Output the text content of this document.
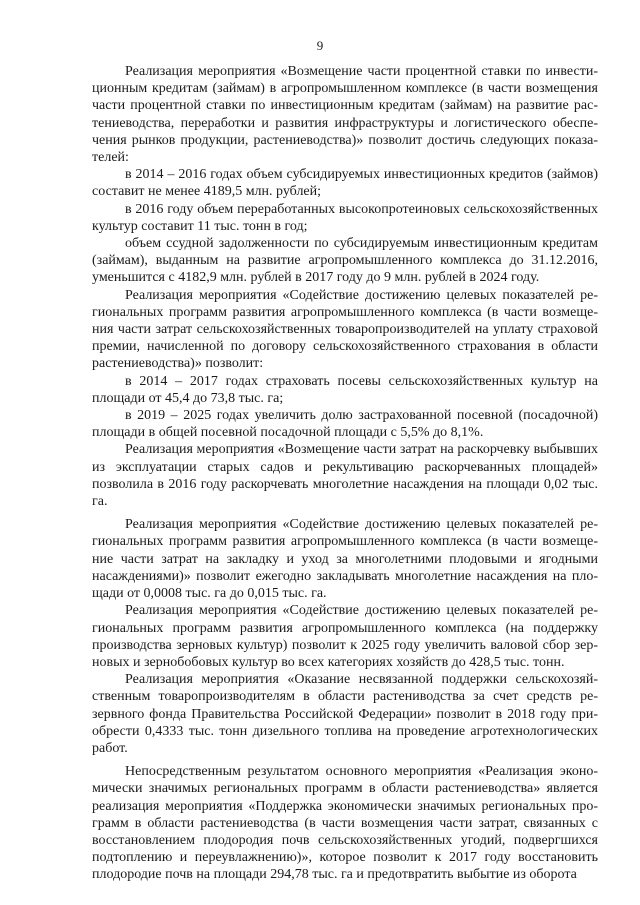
9

Реализация мероприятия «Возмещение части процентной ставки по инвестиционным кредитам (займам) в агропромышленном комплексе (в части возмещения части процентной ставки по инвестиционным кредитам (займам) на развитие растениеводства, переработки и развития инфраструктуры и логистического обеспечения рынков продукции, растениеводства)» позволит достичь следующих показателей:

в 2014 – 2016 годах объем субсидируемых инвестиционных кредитов (займов) составит не менее 4189,5 млн. рублей;

в 2016 году объем переработанных высокопротеиновых сельскохозяйственных культур составит 11 тыс. тонн в год;

объем ссудной задолженности по субсидируемым инвестиционным кредитам (займам), выданным на развитие агропромышленного комплекса до 31.12.2016, уменьшится с 4182,9 млн. рублей в 2017 году до 9 млн. рублей в 2024 году.

Реализация мероприятия «Содействие достижению целевых показателей региональных программ развития агропромышленного комплекса (в части возмещения части затрат сельскохозяйственных товаропроизводителей на уплату страховой премии, начисленной по договору сельскохозяйственного страхования в области растениеводства)» позволит:

в 2014 – 2017 годах страховать посевы сельскохозяйственных культур на площади от 45,4 до 73,8 тыс. га;

в 2019 – 2025 годах увеличить долю застрахованной посевной (посадочной) площади в общей посевной посадочной площади с 5,5% до 8,1%.

Реализация мероприятия «Возмещение части затрат на раскорчевку выбывших из эксплуатации старых садов и рекультивацию раскорчеванных площадей» позволила в 2016 году раскорчевать многолетние насаждения на площади 0,02 тыс. га.

Реализация мероприятия «Содействие достижению целевых показателей региональных программ развития агропромышленного комплекса (в части возмещение части затрат на закладку и уход за многолетними плодовыми и ягодными насаждениями)» позволит ежегодно закладывать многолетние насаждения на площади от 0,0008 тыс. га до 0,015 тыс. га.

Реализация мероприятия «Содействие достижению целевых показателей региональных программ развития агропромышленного комплекса (на поддержку производства зерновых культур) позволит к 2025 году увеличить валовой сбор зерновых и зернобобовых культур во всех категориях хозяйств до 428,5 тыс. тонн.

Реализация мероприятия «Оказание несвязанной поддержки сельскохозяйственным товаропроизводителям в области растениводства за счет средств резервного фонда Правительства Российской Федерации» позволит в 2018 году приобрести 0,4333 тыс. тонн дизельного топлива на проведение агротехнологических работ.

Непосредственным результатом основного мероприятия «Реализация экономически значимых региональных программ в области растениеводства» является реализация мероприятия «Поддержка экономически значимых региональных программ в области растениеводства (в части возмещения части затрат, связанных с восстановлением плодородия почв сельскохозяйственных угодий, подвергшихся подтоплению и переувлажнению)», которое позволит к 2017 году восстановить плодородие почв на площади 294,78 тыс. га и предотвратить выбытие из оборота
